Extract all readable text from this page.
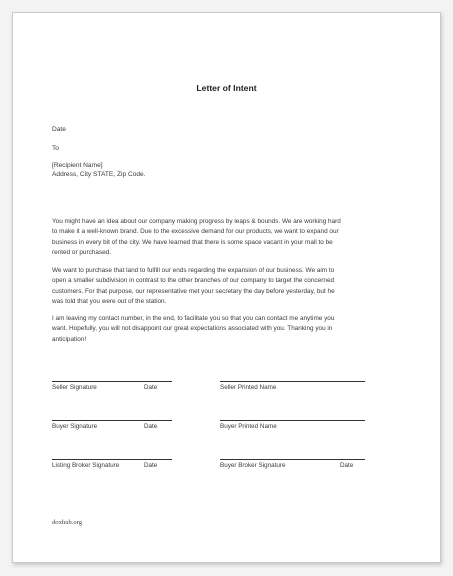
Letter of Intent
Date
To
[Recipient Name]
Address, City STATE, Zip Code.
You might have an idea about our company making progress by leaps & bounds. We are working hard
to make it a well-known brand. Due to the excessive demand for our products, we want to expand our
business in every bit of the city. We have learned that there is some space vacant in your mall to be
rented or purchased.
We want to purchase that land to fulfill our ends regarding the expansion of our business. We aim to
open a smaller subdivision in contrast to the other branches of our company to target the concerned
customers. For that purpose, our representative met your secretary the day before yesterday, but he
was told that you were out of the station.
I am leaving my contact number, in the end, to facilitate you so that you can contact me anytime you
want. Hopefully, you will not disappoint our great expectations associated with you. Thanking you in
anticipation!
Seller Signature	Date	Seller Printed Name
Buyer Signature	Date	Buyer Printed Name
Listing Broker Signature	Date	Buyer Broker Signature	Date
doxhub.org
